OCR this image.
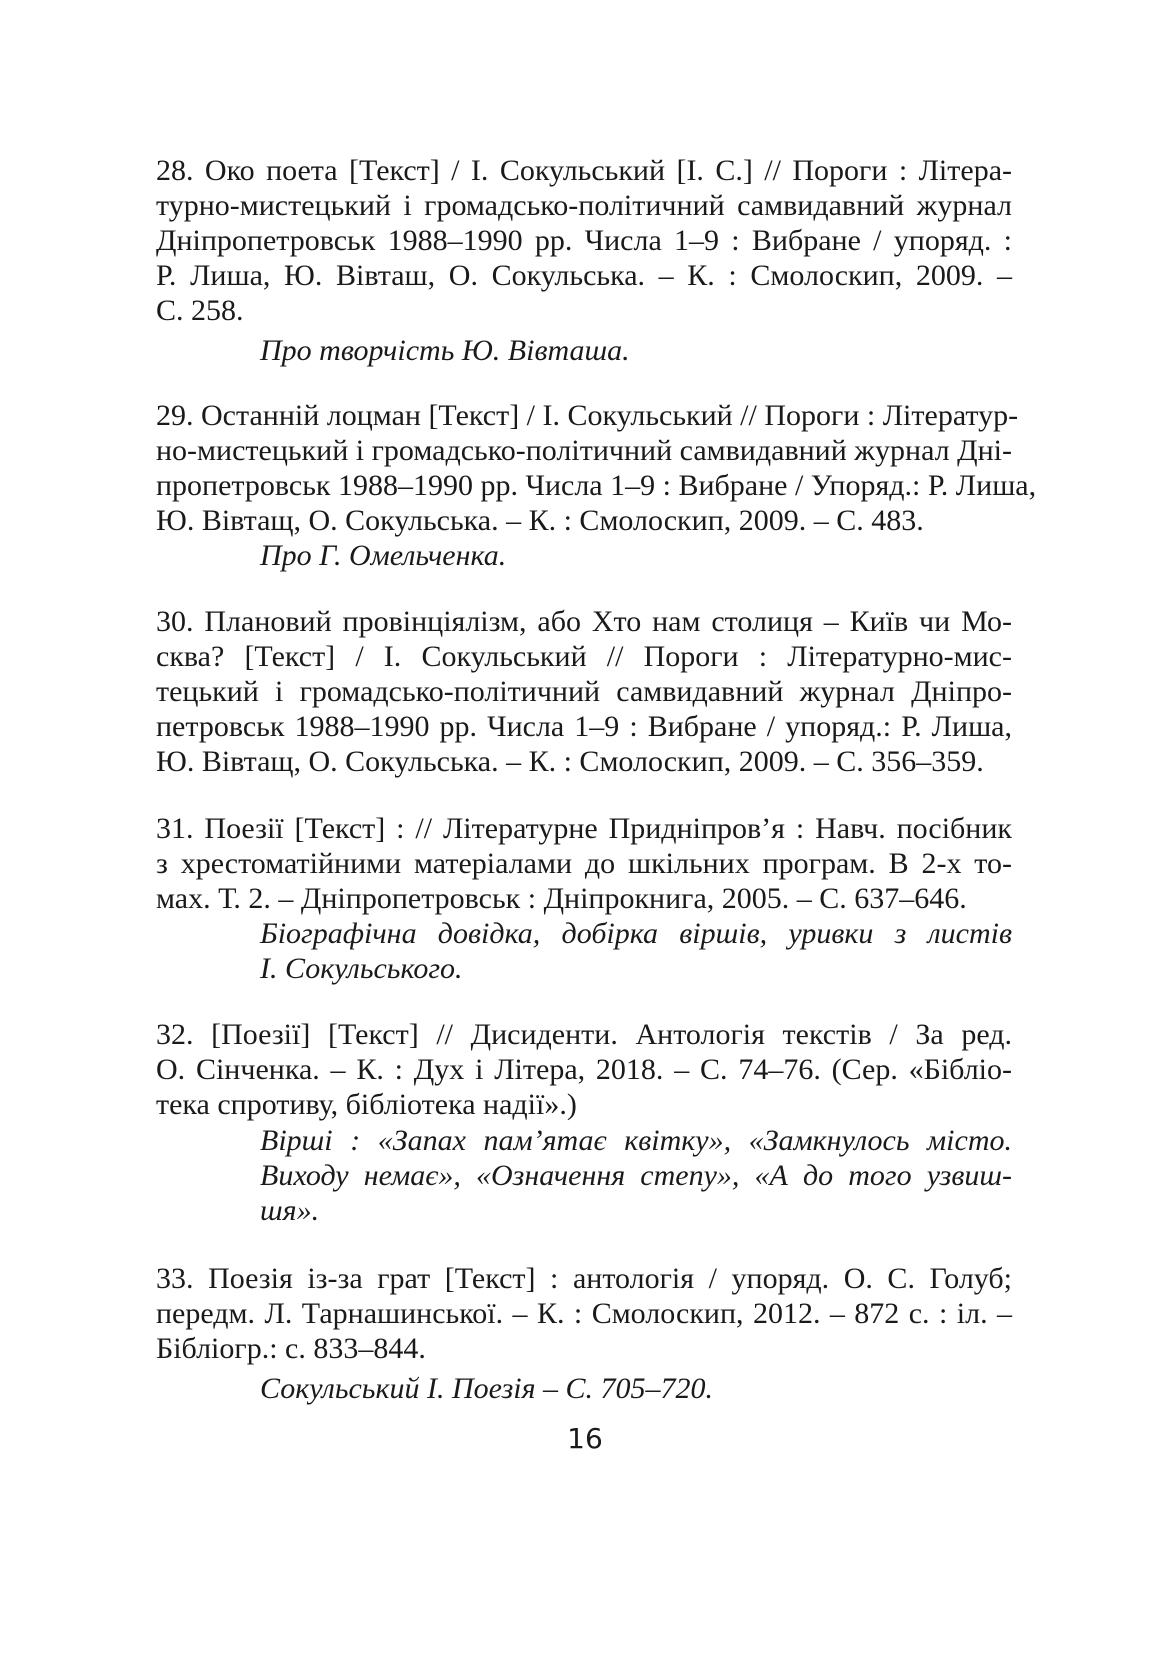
28. Око поета [Текст] / І. Сокульський [І. С.] // Пороги : Літера-
турно-мистецький і громадсько-політичний самвидавний журнал
Дніпропетровськ 1988–1990 рр. Числа 1–9 : Вибране / упоряд. :
Р. Лиша, Ю. Вівташ, О. Сокульська. – К. : Смолоскип, 2009. –
С. 258.
Про творчість Ю. Вівташа.
29. Останній лоцман [Текст] / І. Сокульський // Пороги : Літератур-
но-мистецький і громадсько-політичний самвидавний журнал Дні-
пропетровськ 1988–1990 рр. Числа 1–9 : Вибране / Упоряд.: Р. Лиша,
Ю. Вівтащ, О. Сокульська. – К. : Смолоскип, 2009. – С. 483.
Про Г. Омельченка.
30. Плановий провінціялізм, або Хто нам столиця – Київ чи Мо-
сква? [Текст] / І. Сокульський // Пороги : Літературно-мис-
тецький і громадсько-політичний самвидавний журнал Дніпро-
петровськ 1988–1990 рр. Числа 1–9 : Вибране / упоряд.: Р. Лиша,
Ю. Вівтащ, О. Сокульська. – К. : Смолоскип, 2009. – С. 356–359.
31. Поезії [Текст] : // Літературне Придніпров’я : Навч. посібник
з хрестоматійними матеріалами до шкільних програм. В 2-х то-
мах. Т. 2. – Дніпропетровськ : Дніпрокнига, 2005. – С. 637–646.
Біографічна довідка, добірка віршів, уривки з листів
І. Сокульського.
32. [Поезії] [Текст] // Дисиденти. Антологія текстів / За ред.
О. Сінченка. – К. : Дух і Літера, 2018. – С. 74–76. (Сер. «Бібліо-
тека спротиву, бібліотека надії».)
Вірші : «Запах пам’ятає квітку», «Замкнулось місто.
Виходу немає», «Означення степу», «А до того узвиш-
шя».
33. Поезія із-за грат [Текст] : антологія / упоряд. О. С. Голуб;
передм. Л. Тарнашинської. – К. : Смолоскип, 2012. – 872 с. : іл. –
Бібліогр.: с. 833–844.
Сокульський І. Поезія – С. 705–720.
16
